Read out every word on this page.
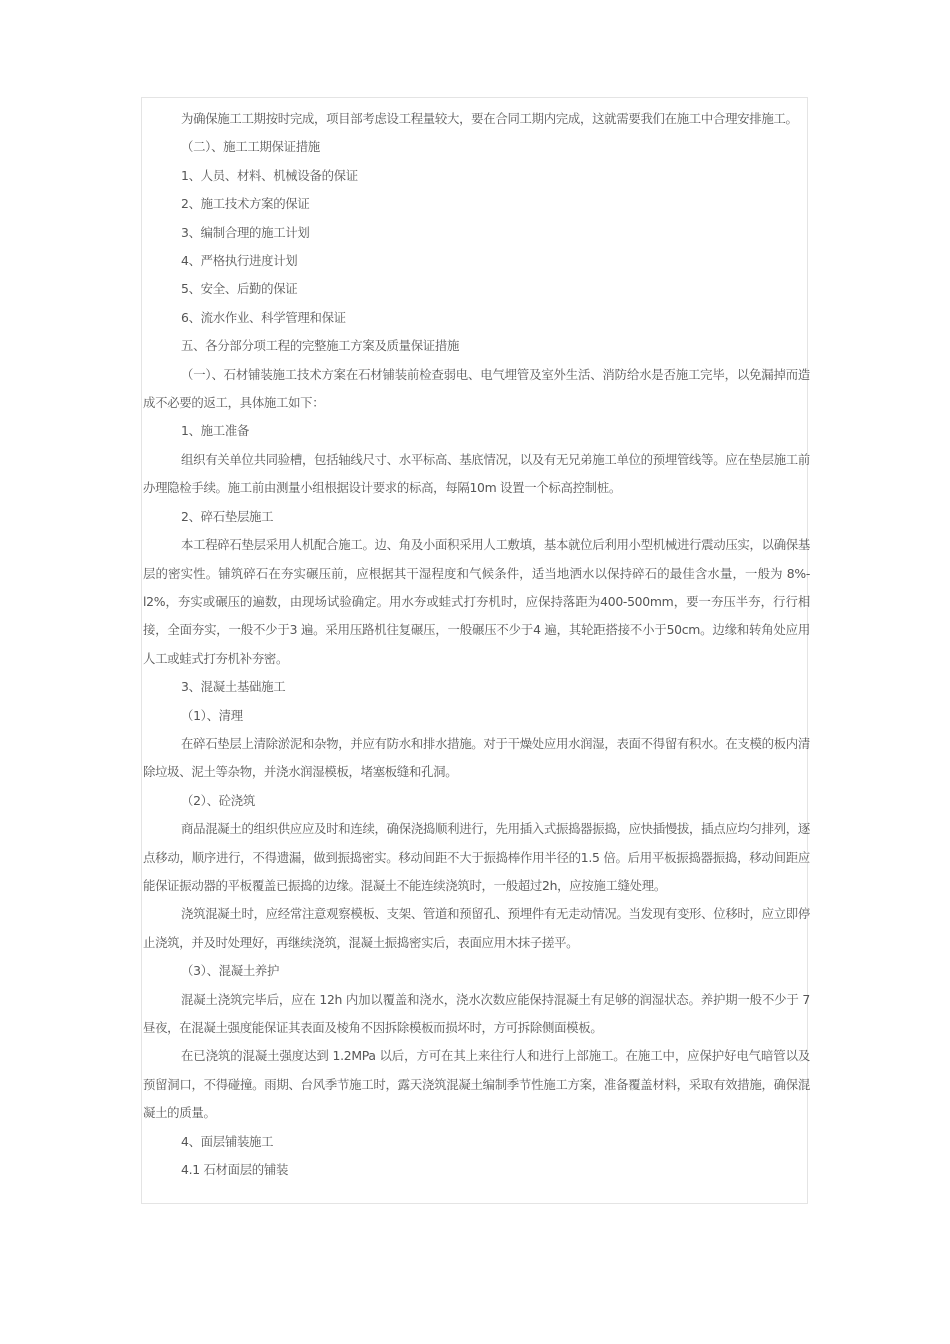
为确保施工工期按时完成，项目部考虑设工程量较大，要在合同工期内完成，这就需要我们在施工中合理安排施工。

（二）、施工工期保证措施

1、人员、材料、机械设备的保证

2、施工技术方案的保证

3、编制合理的施工计划

4、严格执行进度计划

5、安全、后勤的保证

6、流水作业、科学管理和保证

五、各分部分项工程的完整施工方案及质量保证措施

（一）、石材铺装施工技术方案在石材铺装前检查弱电、电气埋管及室外生活、消防给水是否施工完毕，以免漏掉而造成不必要的返工，具体施工如下：

1、施工准备

组织有关单位共同验槽，包括轴线尺寸、水平标高、基底情况，以及有无兄弟施工单位的预埋管线等。应在垫层施工前办理隐检手续。施工前由测量小组根据设计要求的标高，每隔10m 设置一个标高控制桩。

2、碎石垫层施工

本工程碎石垫层采用人机配合施工。边、角及小面积采用人工敷填，基本就位后利用小型机械进行震动压实，以确保基层的密实性。铺筑碎石在夯实碾压前，应根据其干湿程度和气候条件，适当地洒水以保持碎石的最佳含水量，一般为 8%-l2%，夯实或碾压的遍数，由现场试验确定。用水夯或蛙式打夯机时，应保持落距为400-500mm，要一夯压半夯，行行相接，全面夯实，一般不少于3 遍。采用压路机往复碾压，一般碾压不少于4 遍，其轮距搭接不小于50cm。边缘和转角处应用人工或蛙式打夯机补夯密。

3、混凝土基础施工

（1）、清理

在碎石垫层上清除淤泥和杂物，并应有防水和排水措施。对于干燥处应用水润湿，表面不得留有积水。在支模的板内清除垃圾、泥土等杂物，并浇水润湿模板，堵塞板缝和孔洞。

（2）、砼浇筑

商品混凝土的组织供应应及时和连续，确保浇捣顺利进行，先用插入式振捣器振捣，应快插慢拔，插点应均匀排列，逐点移动，顺序进行，不得遗漏，做到振捣密实。移动间距不大于振捣棒作用半径的1.5 倍。后用平板振捣器振捣，移动间距应能保证振动器的平板覆盖已振捣的边缘。混凝土不能连续浇筑时，一般超过2h，应按施工缝处理。

浇筑混凝土时，应经常注意观察模板、支架、管道和预留孔、预埋件有无走动情况。当发现有变形、位移时，应立即停止浇筑，并及时处理好，再继续浇筑，混凝土振捣密实后，表面应用木抹子搓平。

（3）、混凝土养护

混凝土浇筑完毕后，应在 12h 内加以覆盖和浇水，浇水次数应能保持混凝土有足够的润湿状态。养护期一般不少于 7 昼夜，在混凝土强度能保证其表面及棱角不因拆除模板而损坏时，方可拆除侧面模板。

在已浇筑的混凝土强度达到 1.2MPa 以后，方可在其上来往行人和进行上部施工。在施工中，应保护好电气暗管以及预留洞口，不得碰撞。雨期、台风季节施工时，露天浇筑混凝土编制季节性施工方案，准备覆盖材料，采取有效措施，确保混凝土的质量。

4、面层铺装施工

4.1 石材面层的铺装
